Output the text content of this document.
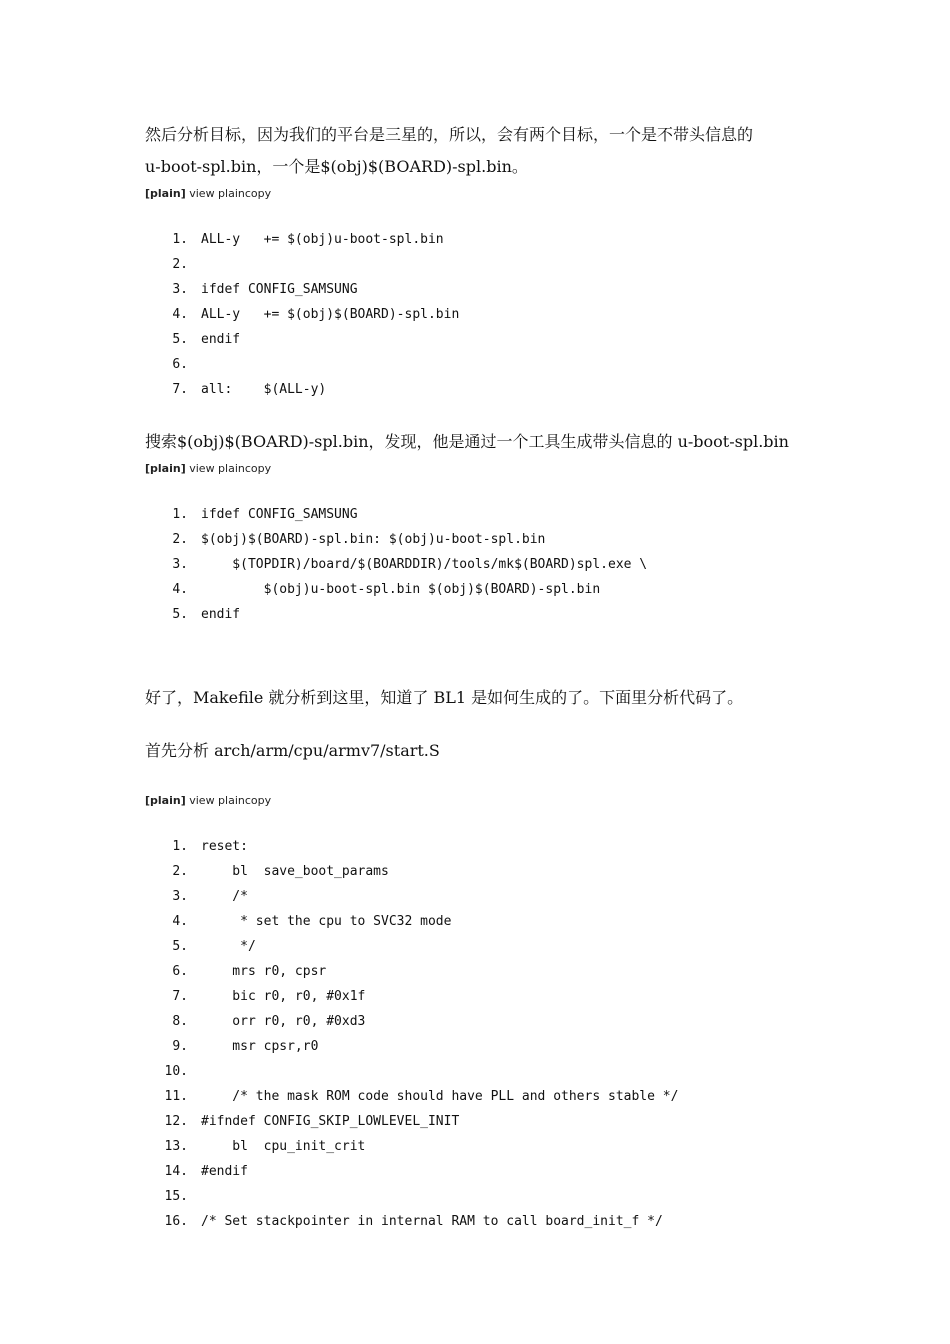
然后分析目标，因为我们的平台是三星的，所以，会有两个目标，一个是不带头信息的
u-boot-spl.bin，一个是$(obj)$(BOARD)-spl.bin。
[plain] view plaincopy
1. ALL-y   += $(obj)u-boot-spl.bin
2.
3. ifdef CONFIG_SAMSUNG
4. ALL-y   += $(obj)$(BOARD)-spl.bin
5. endif
6.
7. all:    $(ALL-y)
搜索$(obj)$(BOARD)-spl.bin，发现，他是通过一个工具生成带头信息的 u-boot-spl.bin
[plain] view plaincopy
1. ifdef CONFIG_SAMSUNG
2. $(obj)$(BOARD)-spl.bin: $(obj)u-boot-spl.bin
3. $(TOPDIR)/board/$(BOARDDIR)/tools/mk$(BOARD)spl.exe \
4. $(obj)u-boot-spl.bin $(obj)$(BOARD)-spl.bin
5. endif
好了，Makefile 就分析到这里，知道了 BL1 是如何生成的了。下面里分析代码了。
首先分析 arch/arm/cpu/armv7/start.S
[plain] view plaincopy
1. reset:
2. bl  save_boot_params
3. /*
4. * set the cpu to SVC32 mode
5. */
6. mrs r0, cpsr
7. bic r0, r0, #0x1f
8. orr r0, r0, #0xd3
9. msr cpsr,r0
10.
11. /* the mask ROM code should have PLL and others stable */
12. #ifndef CONFIG_SKIP_LOWLEVEL_INIT
13. bl  cpu_init_crit
14. #endif
15.
16. /* Set stackpointer in internal RAM to call board_init_f */
